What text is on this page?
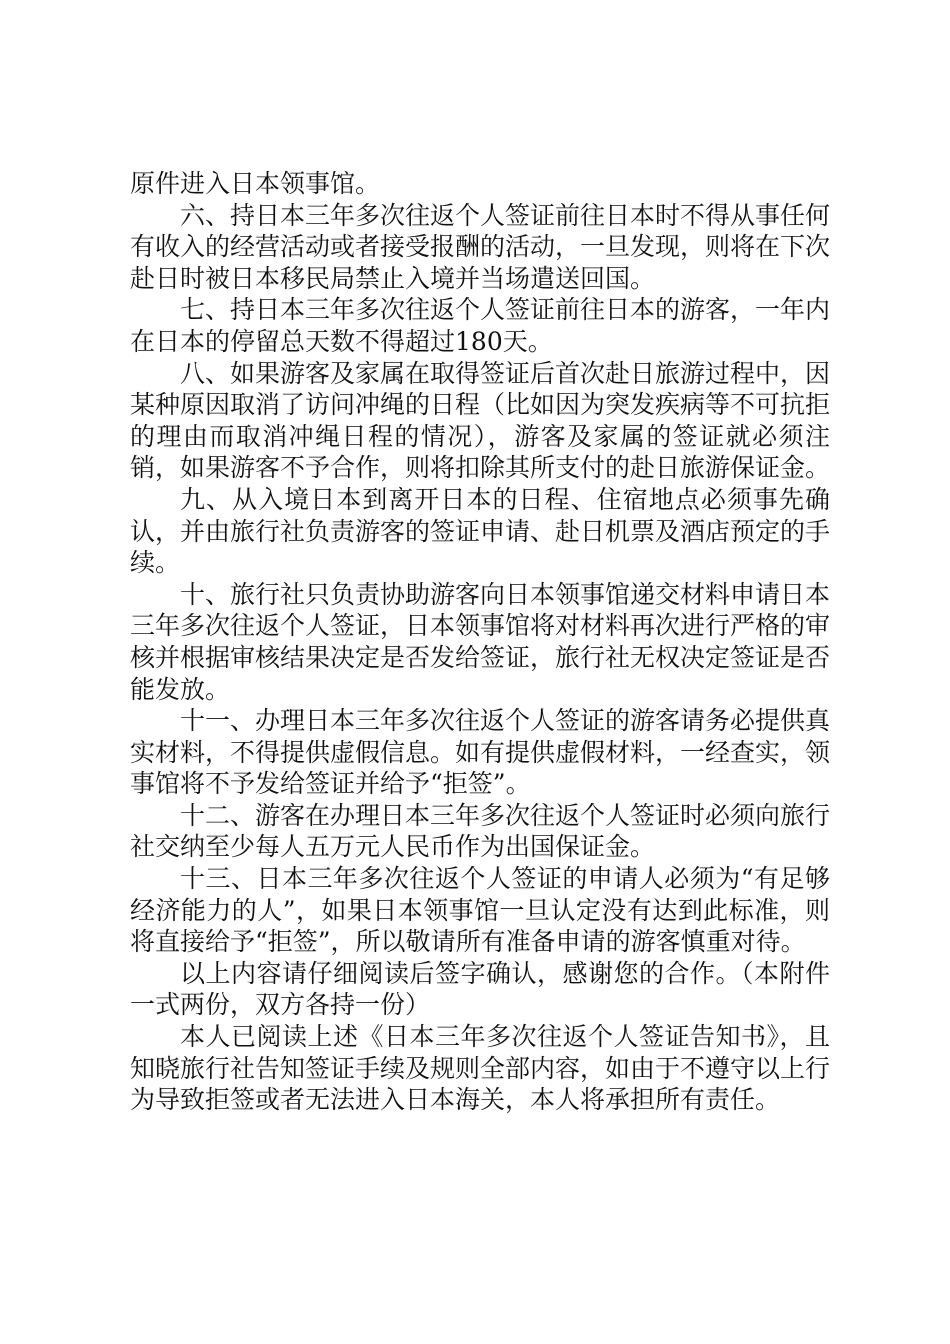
原件进入日本领事馆。

六、持日本三年多次往返个人签证前往日本时不得从事任何有收入的经营活动或者接受报酬的活动，一旦发现，则将在下次赴日时被日本移民局禁止入境并当场遣送回国。

七、持日本三年多次往返个人签证前往日本的游客，一年内在日本的停留总天数不得超过180天。

八、如果游客及家属在取得签证后首次赴日旅游过程中，因某种原因取消了访问冲绳的日程（比如因为突发疾病等不可抗拒的理由而取消冲绳日程的情况），游客及家属的签证就必须注销，如果游客不予合作，则将扣除其所支付的赴日旅游保证金。

九、从入境日本到离开日本的日程、住宿地点必须事先确认，并由旅行社负责游客的签证申请、赴日机票及酒店预定的手续。

十、旅行社只负责协助游客向日本领事馆递交材料申请日本三年多次往返个人签证，日本领事馆将对材料再次进行严格的审核并根据审核结果决定是否发给签证，旅行社无权决定签证是否能发放。

十一、办理日本三年多次往返个人签证的游客请务必提供真实材料，不得提供虚假信息。如有提供虚假材料，一经查实，领事馆将不予发给签证并给予“拒签”。

十二、游客在办理日本三年多次往返个人签证时必须向旅行社交纳至少每人五万元人民币作为出国保证金。

十三、日本三年多次往返个人签证的申请人必须为“有足够经济能力的人”，如果日本领事馆一旦认定没有达到此标准，则将直接给予“拒签”，所以敬请所有准备申请的游客慎重对待。

以上内容请仔细阅读后签字确认，感谢您的合作。（本附件一式两份，双方各持一份）

本人已阅读上述《日本三年多次往返个人签证告知书》，且知晓旅行社告知签证手续及规则全部内容，如由于不遵守以上行为导致拒签或者无法进入日本海关，本人将承担所有责任。
